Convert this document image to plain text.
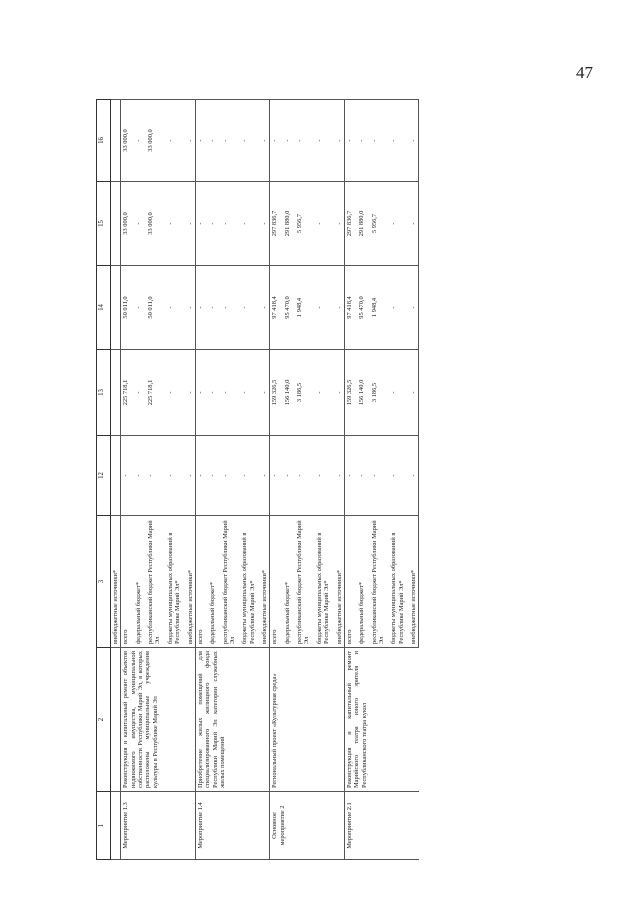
47
1	2	3	12	13	14	15	16
		внебюджетные источники*					
Мероприятие 1.3	Реконструкция и капитальный ремонт объектов недвижимого имущества, муниципальной собственности Республики Марий Эл, в которых расположены муниципальные учреждения культуры в Республике Марий Эл	всего	-	225 718,1	50 011,0	33 000,0	33 000,0
		федеральный бюджет*	-	-	-	-	-
		республиканский бюджет Республики Марий Эл	-	225 718,1	50 011,0	33 000,0	33 000,0
		бюджеты муниципальных образований в Республике Марий Эл*	-	-	-	-	-
		внебюджетные источники*	-	-	-	-	-
Мероприятие 1.4	Приобретение жилых помещений для специализированного жилищного фонда Республики Марий Эл категории служебных жилых помещений	всего	-	-	-	-	-
		федеральный бюджет*	-	-	-	-	-
		республиканский бюджет Республики Марий Эл	-	-	-	-	-
		бюджеты муниципальных образований в Республике Марий Эл*	-	-	-	-	-
		внебюджетные источники*	-	-	-	-	-
Основное мероприятие 2	Региональный проект «Культурная среда»	всего	-	159 326,5	97 418,4	297 836,7	-
		федеральный бюджет*	-	156 140,0	95 470,0	291 880,0	-
		республиканский бюджет Республики Марий Эл	-	3 186,5	1 948,4	5 956,7	-
		бюджеты муниципальных образований в Республике Марий Эл*	-	-	-	-	-
		внебюджетные источники*	-	-	-	-	-
Мероприятие 2.1	Реконструкция и капитальный ремонт Марийского театра юного зрителя и Республиканского театра кукол	всего	-	159 326,5	97 418,4	297 836,7	-
		федеральный бюджет*	-	156 140,0	95 470,0	291 880,0	-
		республиканский бюджет Республики Марий Эл	-	3 186,5	1 948,4	5 956,7	-
		бюджеты муниципальных образований в Республике Марий Эл*	-	-	-	-	-
		внебюджетные источники*	-	-	-	-	-
